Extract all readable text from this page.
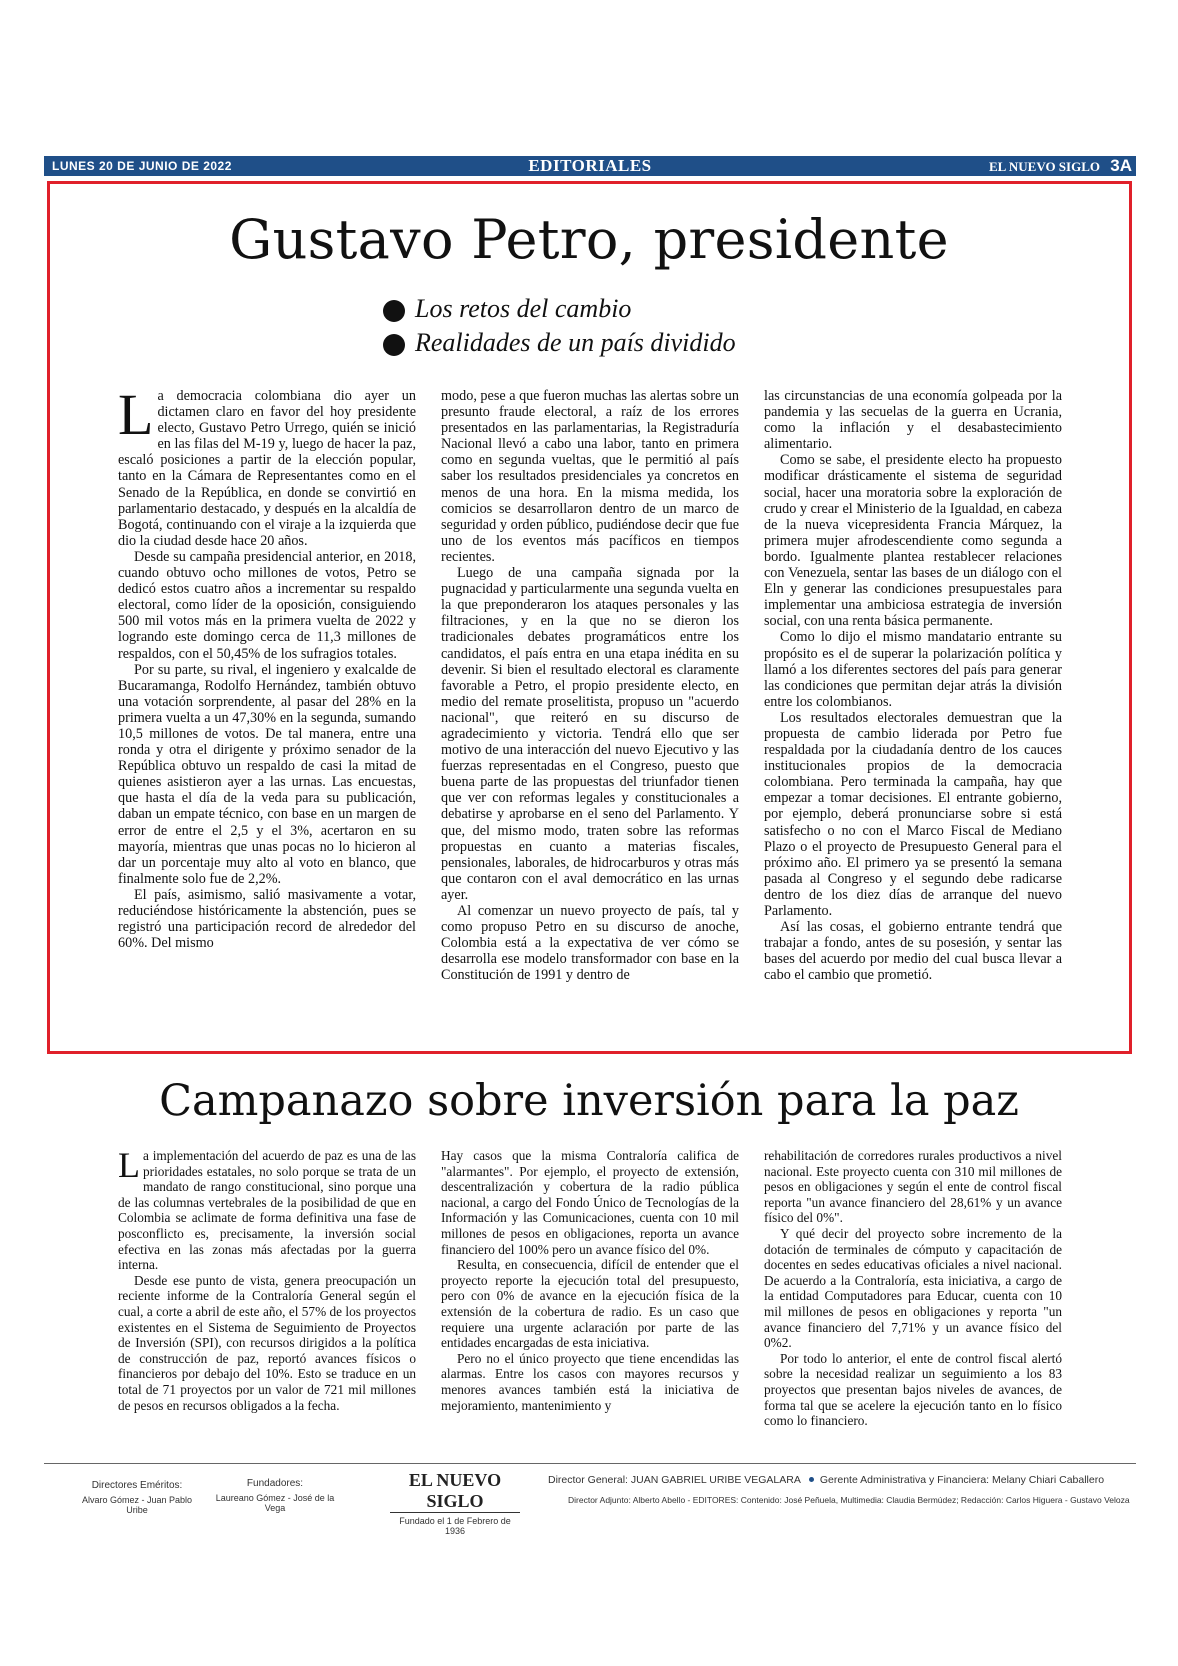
LUNES 20 DE JUNIO DE 2022	EDITORIALES	EL NUEVO SIGLO 3A
Gustavo Petro, presidente
Los retos del cambio
Realidades de un país dividido

La democracia colombiana dio ayer un dictamen claro en favor del hoy presidente electo, Gustavo Petro Urrego, quién se inició en las filas del M-19 y, luego de hacer la paz, escaló posiciones a partir de la elección popular, tanto en la Cámara de Representantes como en el Senado de la República, en donde se convirtió en parlamentario destacado, y después en la alcaldía de Bogotá, continuando con el viraje a la izquierda que dio la ciudad desde hace 20 años.

Desde su campaña presidencial anterior, en 2018, cuando obtuvo ocho millones de votos, Petro se dedicó estos cuatro años a incrementar su respaldo electoral, como líder de la oposición, consiguiendo 500 mil votos más en la primera vuelta de 2022 y logrando este domingo cerca de 11,3 millones de respaldos, con el 50,45% de los sufragios totales.

Por su parte, su rival, el ingeniero y exalcalde de Bucaramanga, Rodolfo Hernández, también obtuvo una votación sorprendente, al pasar del 28% en la primera vuelta a un 47,30% en la segunda, sumando 10,5 millones de votos. De tal manera, entre una ronda y otra el dirigente y próximo senador de la República obtuvo un respaldo de casi la mitad de quienes asistieron ayer a las urnas. Las encuestas, que hasta el día de la veda para su publicación, daban un empate técnico, con base en un margen de error de entre el 2,5 y el 3%, acertaron en su mayoría, mientras que unas pocas no lo hicieron al dar un porcentaje muy alto al voto en blanco, que finalmente solo fue de 2,2%.

El país, asimismo, salió masivamente a votar, reduciéndose históricamente la abstención, pues se registró una participación record de alrededor del 60%. Del mismo

modo, pese a que fueron muchas las alertas sobre un presunto fraude electoral, a raíz de los errores presentados en las parlamentarias, la Registraduría Nacional llevó a cabo una labor, tanto en primera como en segunda vueltas, que le permitió al país saber los resultados presidenciales ya concretos en menos de una hora. En la misma medida, los comicios se desarrollaron dentro de un marco de seguridad y orden público, pudiéndose decir que fue uno de los eventos más pacíficos en tiempos recientes.

Luego de una campaña signada por la pugnacidad y particularmente una segunda vuelta en la que preponderaron los ataques personales y las filtraciones, y en la que no se dieron los tradicionales debates programáticos entre los candidatos, el país entra en una etapa inédita en su devenir. Si bien el resultado electoral es claramente favorable a Petro, el propio presidente electo, en medio del remate proselitista, propuso un "acuerdo nacional", que reiteró en su discurso de agradecimiento y victoria. Tendrá ello que ser motivo de una interacción del nuevo Ejecutivo y las fuerzas representadas en el Congreso, puesto que buena parte de las propuestas del triunfador tienen que ver con reformas legales y constitucionales a debatirse y aprobarse en el seno del Parlamento. Y que, del mismo modo, traten sobre las reformas propuestas en cuanto a materias fiscales, pensionales, laborales, de hidrocarburos y otras más que contaron con el aval democrático en las urnas ayer.

Al comenzar un nuevo proyecto de país, tal y como propuso Petro en su discurso de anoche, Colombia está a la expectativa de ver cómo se desarrolla ese modelo transformador con base en la Constitución de 1991 y dentro de

las circunstancias de una economía golpeada por la pandemia y las secuelas de la guerra en Ucrania, como la inflación y el desabastecimiento alimentario.

Como se sabe, el presidente electo ha propuesto modificar drásticamente el sistema de seguridad social, hacer una moratoria sobre la exploración de crudo y crear el Ministerio de la Igualdad, en cabeza de la nueva vicepresidenta Francia Márquez, la primera mujer afrodescendiente como segunda a bordo. Igualmente plantea restablecer relaciones con Venezuela, sentar las bases de un diálogo con el Eln y generar las condiciones presupuestales para implementar una ambiciosa estrategia de inversión social, con una renta básica permanente.

Como lo dijo el mismo mandatario entrante su propósito es el de superar la polarización política y llamó a los diferentes sectores del país para generar las condiciones que permitan dejar atrás la división entre los colombianos.

Los resultados electorales demuestran que la propuesta de cambio liderada por Petro fue respaldada por la ciudadanía dentro de los cauces institucionales propios de la democracia colombiana. Pero terminada la campaña, hay que empezar a tomar decisiones. El entrante gobierno, por ejemplo, deberá pronunciarse sobre si está satisfecho o no con el Marco Fiscal de Mediano Plazo o el proyecto de Presupuesto General para el próximo año. El primero ya se presentó la semana pasada al Congreso y el segundo debe radicarse dentro de los diez días de arranque del nuevo Parlamento.

Así las cosas, el gobierno entrante tendrá que trabajar a fondo, antes de su posesión, y sentar las bases del acuerdo por medio del cual busca llevar a cabo el cambio que prometió.

Campanazo sobre inversión para la paz

La implementación del acuerdo de paz es una de las prioridades estatales, no solo porque se trata de un mandato de rango constitucional, sino porque una de las columnas vertebrales de la posibilidad de que en Colombia se aclimate de forma definitiva una fase de posconflicto es, precisamente, la inversión social efectiva en las zonas más afectadas por la guerra interna.

Desde ese punto de vista, genera preocupación un reciente informe de la Contraloría General según el cual, a corte a abril de este año, el 57% de los proyectos existentes en el Sistema de Seguimiento de Proyectos de Inversión (SPI), con recursos dirigidos a la política de construcción de paz, reportó avances físicos o financieros por debajo del 10%. Esto se traduce en un total de 71 proyectos por un valor de 721 mil millones de pesos en recursos obligados a la fecha.

Hay casos que la misma Contraloría califica de "alarmantes". Por ejemplo, el proyecto de extensión, descentralización y cobertura de la radio pública nacional, a cargo del Fondo Único de Tecnologías de la Información y las Comunicaciones, cuenta con 10 mil millones de pesos en obligaciones, reporta un avance financiero del 100% pero un avance físico del 0%.

Resulta, en consecuencia, difícil de entender que el proyecto reporte la ejecución total del presupuesto, pero con 0% de avance en la ejecución física de la extensión de la cobertura de radio. Es un caso que requiere una urgente aclaración por parte de las entidades encargadas de esta iniciativa.

Pero no el único proyecto que tiene encendidas las alarmas. Entre los casos con mayores recursos y menores avances también está la iniciativa de mejoramiento, mantenimiento y

rehabilitación de corredores rurales productivos a nivel nacional. Este proyecto cuenta con 310 mil millones de pesos en obligaciones y según el ente de control fiscal reporta "un avance financiero del 28,61% y un avance físico del 0%".

Y qué decir del proyecto sobre incremento de la dotación de terminales de cómputo y capacitación de docentes en sedes educativas oficiales a nivel nacional. De acuerdo a la Contraloría, esta iniciativa, a cargo de la entidad Computadores para Educar, cuenta con 10 mil millones de pesos en obligaciones y reporta "un avance financiero del 7,71% y un avance físico del 0%2.

Por todo lo anterior, el ente de control fiscal alertó sobre la necesidad realizar un seguimiento a los 83 proyectos que presentan bajos niveles de avances, de forma tal que se acelere la ejecución tanto en lo físico como lo financiero.

Directores Eméritos:
Alvaro Gómez - Juan Pablo Uribe
Fundadores:
Laureano Gómez - José de la Vega
EL NUEVO SIGLO
Fundado el 1 de Febrero de 1936
Director General: JUAN GABRIEL URIBE VEGALARA Gerente Administrativa y Financiera: Melany Chiari Caballero
Director Adjunto: Alberto Abello - EDITORES: Contenido: José Peñuela, Multimedia: Claudia Bermúdez; Redacción: Carlos Higuera - Gustavo Veloza
